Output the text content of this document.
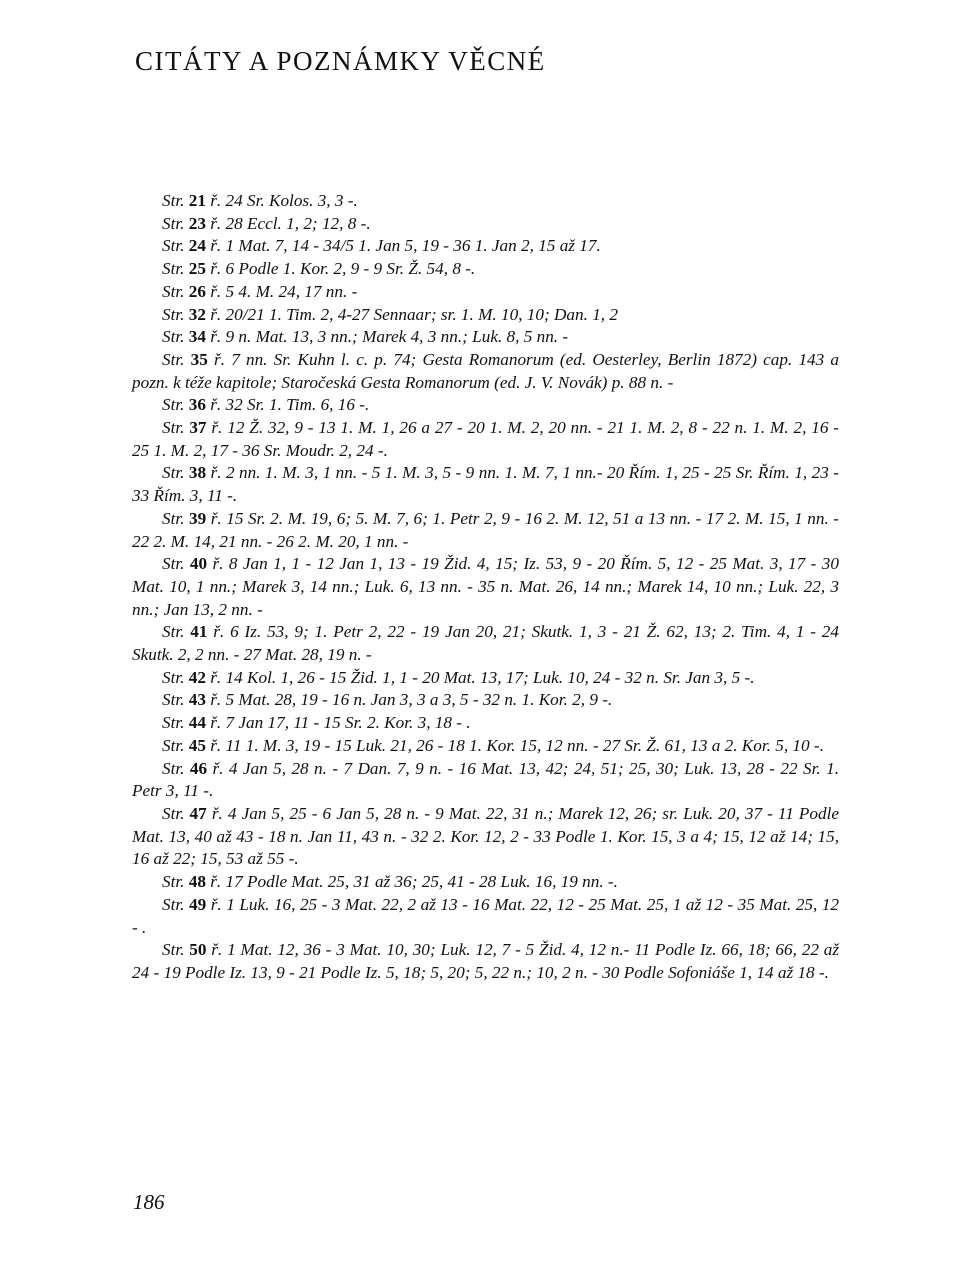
CITÁTY A POZNÁMKY VĚCNÉ

Str. 21 ř. 24 Sr. Kolos. 3, 3 -.

Str. 23 ř. 28 Eccl. 1, 2; 12, 8 -.

Str. 24 ř. 1 Mat. 7, 14 - 34/5 1. Jan 5, 19 - 36 1. Jan 2, 15 až 17.

Str. 25 ř. 6 Podle 1. Kor. 2, 9 - 9 Sr. Ž. 54, 8 -.

Str. 26 ř. 5 4. M. 24, 17 nn. -

Str. 32 ř. 20/21 1. Tim. 2, 4-27 Sennaar; sr. 1. M. 10, 10; Dan. 1, 2

Str. 34 ř. 9 n. Mat. 13, 3 nn.; Marek 4, 3 nn.; Luk. 8, 5 nn. -

Str. 35 ř. 7 nn. Sr. Kuhn l. c. p. 74; Gesta Romanorum (ed. Oesterley, Berlin 1872) cap. 143 a pozn. k téže kapitole; Staročeská Gesta Romanorum (ed. J. V. Novák) p. 88 n. -

Str. 36 ř. 32 Sr. 1. Tim. 6, 16 -.

Str. 37 ř. 12 Ž. 32, 9 - 13 1. M. 1, 26 a 27 - 20 1. M. 2, 20 nn. - 21 1. M. 2, 8 - 22 n. 1. M. 2, 16 - 25 1. M. 2, 17 - 36 Sr. Moudr. 2, 24 -.

Str. 38 ř. 2 nn. 1. M. 3, 1 nn. - 5 1. M. 3, 5 - 9 nn. 1. M. 7, 1 nn.- 20 Řím. 1, 25 - 25 Sr. Řím. 1, 23 - 33 Řím. 3, 11 -.

Str. 39 ř. 15 Sr. 2. M. 19, 6; 5. M. 7, 6; 1. Petr 2, 9 - 16 2. M. 12, 51 a 13 nn. - 17 2. M. 15, 1 nn. - 22 2. M. 14, 21 nn. - 26 2. M. 20, 1 nn. -

Str. 40 ř. 8 Jan 1, 1 - 12 Jan 1, 13 - 19 Žid. 4, 15; Iz. 53, 9 - 20 Řím. 5, 12 - 25 Mat. 3, 17 - 30 Mat. 10, 1 nn.; Marek 3, 14 nn.; Luk. 6, 13 nn. - 35 n. Mat. 26, 14 nn.; Marek 14, 10 nn.; Luk. 22, 3 nn.; Jan 13, 2 nn. -

Str. 41 ř. 6 Iz. 53, 9; 1. Petr 2, 22 - 19 Jan 20, 21; Skutk. 1, 3 - 21 Ž. 62, 13; 2. Tim. 4, 1 - 24 Skutk. 2, 2 nn. - 27 Mat. 28, 19 n. -

Str. 42 ř. 14 Kol. 1, 26 - 15 Žid. 1, 1 - 20 Mat. 13, 17; Luk. 10, 24 - 32 n. Sr. Jan 3, 5 -.

Str. 43 ř. 5 Mat. 28, 19 - 16 n. Jan 3, 3 a 3, 5 - 32 n. 1. Kor. 2, 9 -.

Str. 44 ř. 7 Jan 17, 11 - 15 Sr. 2. Kor. 3, 18 - .

Str. 45 ř. 11 1. M. 3, 19 - 15 Luk. 21, 26 - 18 1. Kor. 15, 12 nn. - 27 Sr. Ž. 61, 13 a 2. Kor. 5, 10 -.

Str. 46 ř. 4 Jan 5, 28 n. - 7 Dan. 7, 9 n. - 16 Mat. 13, 42; 24, 51; 25, 30; Luk. 13, 28 - 22 Sr. 1. Petr 3, 11 -.

Str. 47 ř. 4 Jan 5, 25 - 6 Jan 5, 28 n. - 9 Mat. 22, 31 n.; Marek 12, 26; sr. Luk. 20, 37 - 11 Podle Mat. 13, 40 až 43 - 18 n. Jan 11, 43 n. - 32 2. Kor. 12, 2 - 33 Podle 1. Kor. 15, 3 a 4; 15, 12 až 14; 15, 16 až 22; 15, 53 až 55 -.

Str. 48 ř. 17 Podle Mat. 25, 31 až 36; 25, 41 - 28 Luk. 16, 19 nn. -.

Str. 49 ř. 1 Luk. 16, 25 - 3 Mat. 22, 2 až 13 - 16 Mat. 22, 12 - 25 Mat. 25, 1 až 12 - 35 Mat. 25, 12 - .

Str. 50 ř. 1 Mat. 12, 36 - 3 Mat. 10, 30; Luk. 12, 7 - 5 Žid. 4, 12 n.- 11 Podle Iz. 66, 18; 66, 22 až 24 - 19 Podle Iz. 13, 9 - 21 Podle Iz. 5, 18; 5, 20; 5, 22 n.; 10, 2 n. - 30 Podle Sofoniáše 1, 14 až 18 -.

186
